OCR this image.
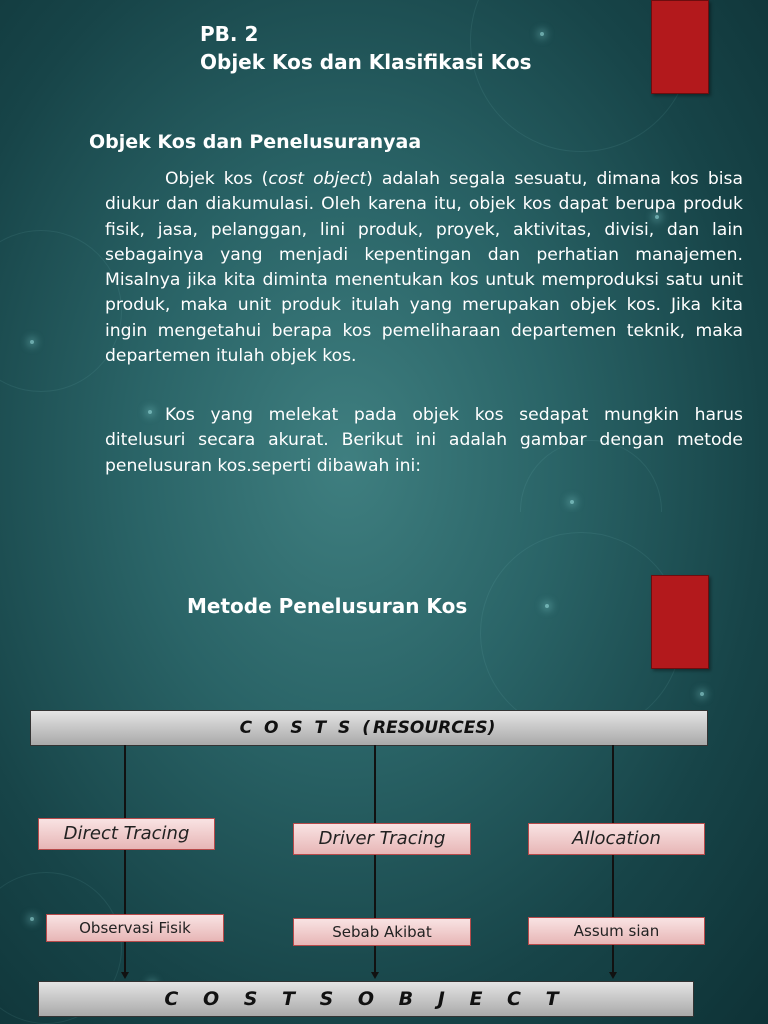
PB. 2
Objek Kos dan Klasifikasi Kos
Objek Kos dan Penelusuranyaa

Objek kos (cost object) adalah segala sesuatu, dimana kos bisa diukur dan diakumulasi. Oleh karena itu, objek kos dapat berupa produk fisik, jasa, pelanggan, lini produk, proyek, aktivitas, divisi, dan lain sebagainya yang menjadi kepentingan dan perhatian manajemen. Misalnya jika kita diminta menentukan kos untuk memproduksi satu unit produk, maka unit produk itulah yang merupakan objek kos. Jika kita ingin mengetahui berapa kos pemeliharaan departemen teknik, maka departemen itulah objek kos.

Kos yang melekat pada objek kos sedapat mungkin harus ditelusuri secara akurat. Berikut ini adalah gambar dengan metode penelusuran kos.seperti dibawah ini:

Metode Penelusuran Kos
C O S T S (RESOURCES)
Direct Tracing	Driver Tracing	Allocation
Observasi Fisik	Sebab Akibat	Assum sian
C O S T S O B J E C T
